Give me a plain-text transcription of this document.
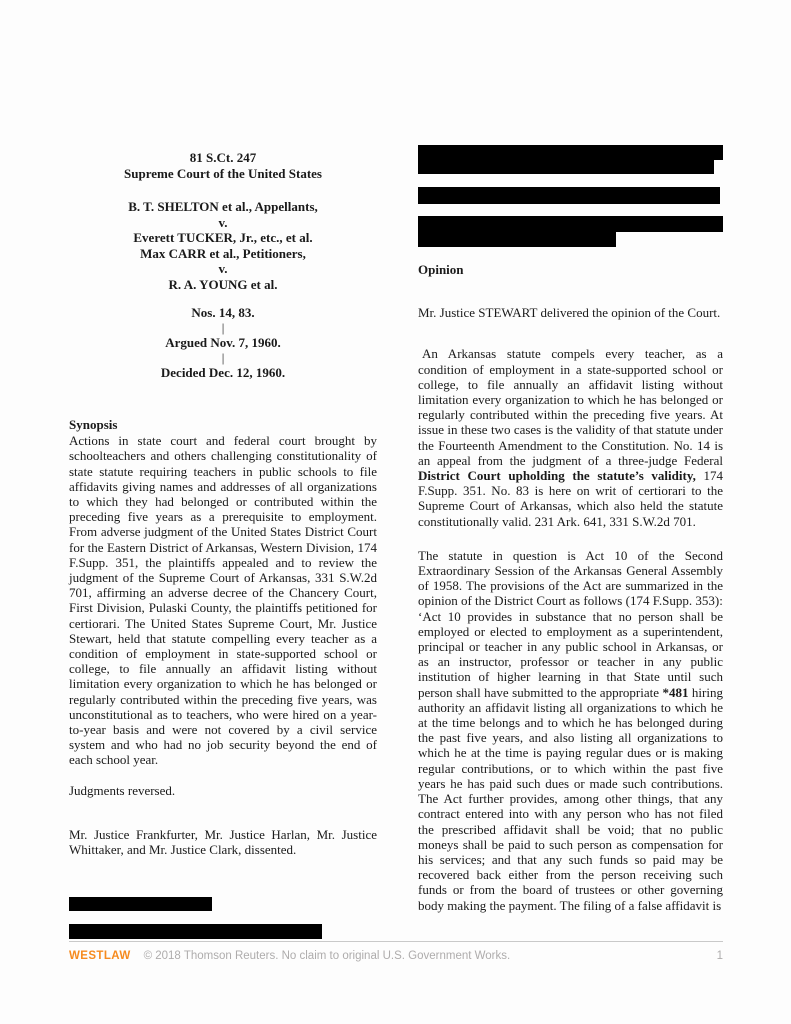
81 S.Ct. 247
Supreme Court of the United States
B. T. SHELTON et al., Appellants,
v.
Everett TUCKER, Jr., etc., et al.
Max CARR et al., Petitioners,
v.
R. A. YOUNG et al.
Nos. 14, 83.
|
Argued Nov. 7, 1960.
|
Decided Dec. 12, 1960.

Synopsis

Actions in state court and federal court brought by schoolteachers and others challenging constitutionality of state statute requiring teachers in public schools to file affidavits giving names and addresses of all organizations to which they had belonged or contributed within the preceding five years as a prerequisite to employment. From adverse judgment of the United States District Court for the Eastern District of Arkansas, Western Division, 174 F.Supp. 351, the plaintiffs appealed and to review the judgment of the Supreme Court of Arkansas, 331 S.W.2d 701, affirming an adverse decree of the Chancery Court, First Division, Pulaski County, the plaintiffs petitioned for certiorari. The United States Supreme Court, Mr. Justice Stewart, held that statute compelling every teacher as a condition of employment in state-supported school or college, to file annually an affidavit listing without limitation every organization to which he has belonged or regularly contributed within the preceding five years, was unconstitutional as to teachers, who were hired on a year-to-year basis and were not covered by a civil service system and who had no job security beyond the end of each school year.

Judgments reversed.

Mr. Justice Frankfurter, Mr. Justice Harlan, Mr. Justice Whittaker, and Mr. Justice Clark, dissented.

Opinion

Mr. Justice STEWART delivered the opinion of the Court.

An Arkansas statute compels every teacher, as a condition of employment in a state-supported school or college, to file annually an affidavit listing without limitation every organization to which he has belonged or regularly contributed within the preceding five years. At issue in these two cases is the validity of that statute under the Fourteenth Amendment to the Constitution. No. 14 is an appeal from the judgment of a three-judge Federal District Court upholding the statute’s validity, 174 F.Supp. 351. No. 83 is here on writ of certiorari to the Supreme Court of Arkansas, which also held the statute constitutionally valid. 231 Ark. 641, 331 S.W.2d 701.

The statute in question is Act 10 of the Second Extraordinary Session of the Arkansas General Assembly of 1958. The provisions of the Act are summarized in the opinion of the District Court as follows (174 F.Supp. 353):

‘Act 10 provides in substance that no person shall be employed or elected to employment as a superintendent, principal or teacher in any public school in Arkansas, or as an instructor, professor or teacher in any public institution of higher learning in that State until such person shall have submitted to the appropriate *481 hiring authority an affidavit listing all organizations to which he at the time belongs and to which he has belonged during the past five years, and also listing all organizations to which he at the time is paying regular dues or is making regular contributions, or to which within the past five years he has paid such dues or made such contributions. The Act further provides, among other things, that any contract entered into with any person who has not filed the prescribed affidavit shall be void; that no public moneys shall be paid to such person as compensation for his services; and that any such funds so paid may be recovered back either from the person receiving such funds or from the board of trustees or other governing body making the payment. The filing of a false affidavit is

WESTLAW © 2018 Thomson Reuters. No claim to original U.S. Government Works.	1
